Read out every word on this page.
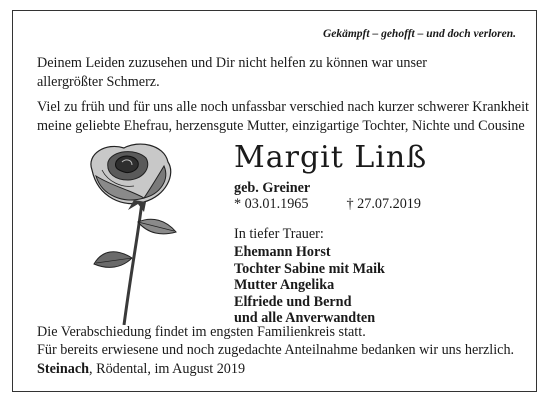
Gekämpft – gehofft – und doch verloren.

Deinem Leiden zuzusehen und Dir nicht helfen zu können war unser
allergrößter Schmerz.

Viel zu früh und für uns alle noch unfassbar verschied nach kurzer schwerer Krankheit
meine geliebte Ehefrau, herzensgute Mutter, einzigartige Tochter, Nichte und Cousine

Margit Linß

geb. Greiner

* 03.01.1965	† 27.07.2019

In tiefer Trauer:

Ehemann Horst
Tochter Sabine mit Maik
Mutter Angelika
Elfriede und Bernd
und alle Anverwandten

Die Verabschiedung findet im engsten Familienkreis statt.
Für bereits erwiesene und noch zugedachte Anteilnahme bedanken wir uns herzlich.

Steinach, Rödental, im August 2019
